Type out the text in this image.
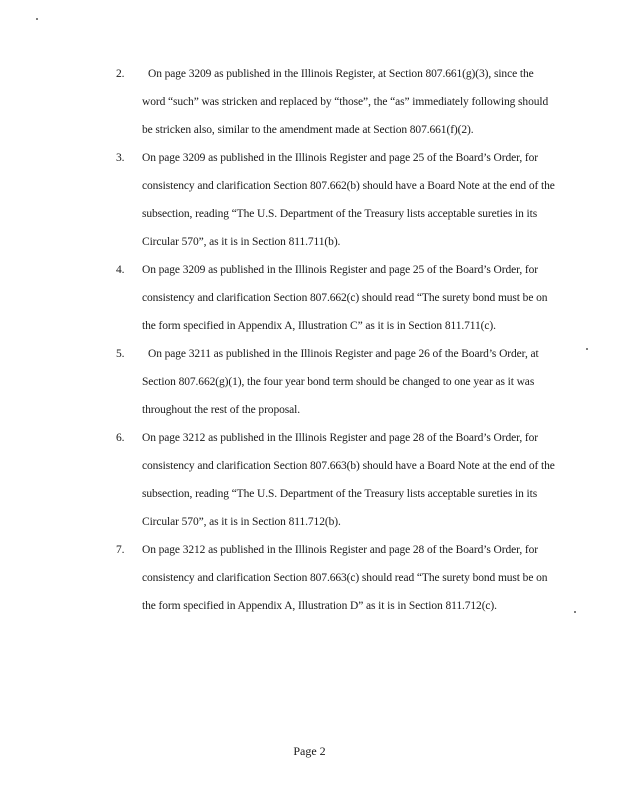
2.	On page 3209 as published in the Illinois Register, at Section 807.661(g)(3), since the word “such” was stricken and replaced by “those”, the “as” immediately following should be stricken also, similar to the amendment made at Section 807.661(f)(2).
3. On page 3209 as published in the Illinois Register and page 25 of the Board’s Order, for consistency and clarification Section 807.662(b) should have a Board Note at the end of the subsection, reading “The U.S. Department of the Treasury lists acceptable sureties in its Circular 570”, as it is in Section 811.711(b).
4. On page 3209 as published in the Illinois Register and page 25 of the Board’s Order, for consistency and clarification Section 807.662(c) should read “The surety bond must be on the form specified in Appendix A, Illustration C” as it is in Section 811.711(c).
5.	On page 3211 as published in the Illinois Register and page 26 of the Board’s Order, at Section 807.662(g)(1), the four year bond term should be changed to one year as it was throughout the rest of the proposal.
6. On page 3212 as published in the Illinois Register and page 28 of the Board’s Order, for consistency and clarification Section 807.663(b) should have a Board Note at the end of the subsection, reading “The U.S. Department of the Treasury lists acceptable sureties in its Circular 570”, as it is in Section 811.712(b).
7. On page 3212 as published in the Illinois Register and page 28 of the Board’s Order, for consistency and clarification Section 807.663(c) should read “The surety bond must be on the form specified in Appendix A, Illustration D” as it is in Section 811.712(c).
Page 2
